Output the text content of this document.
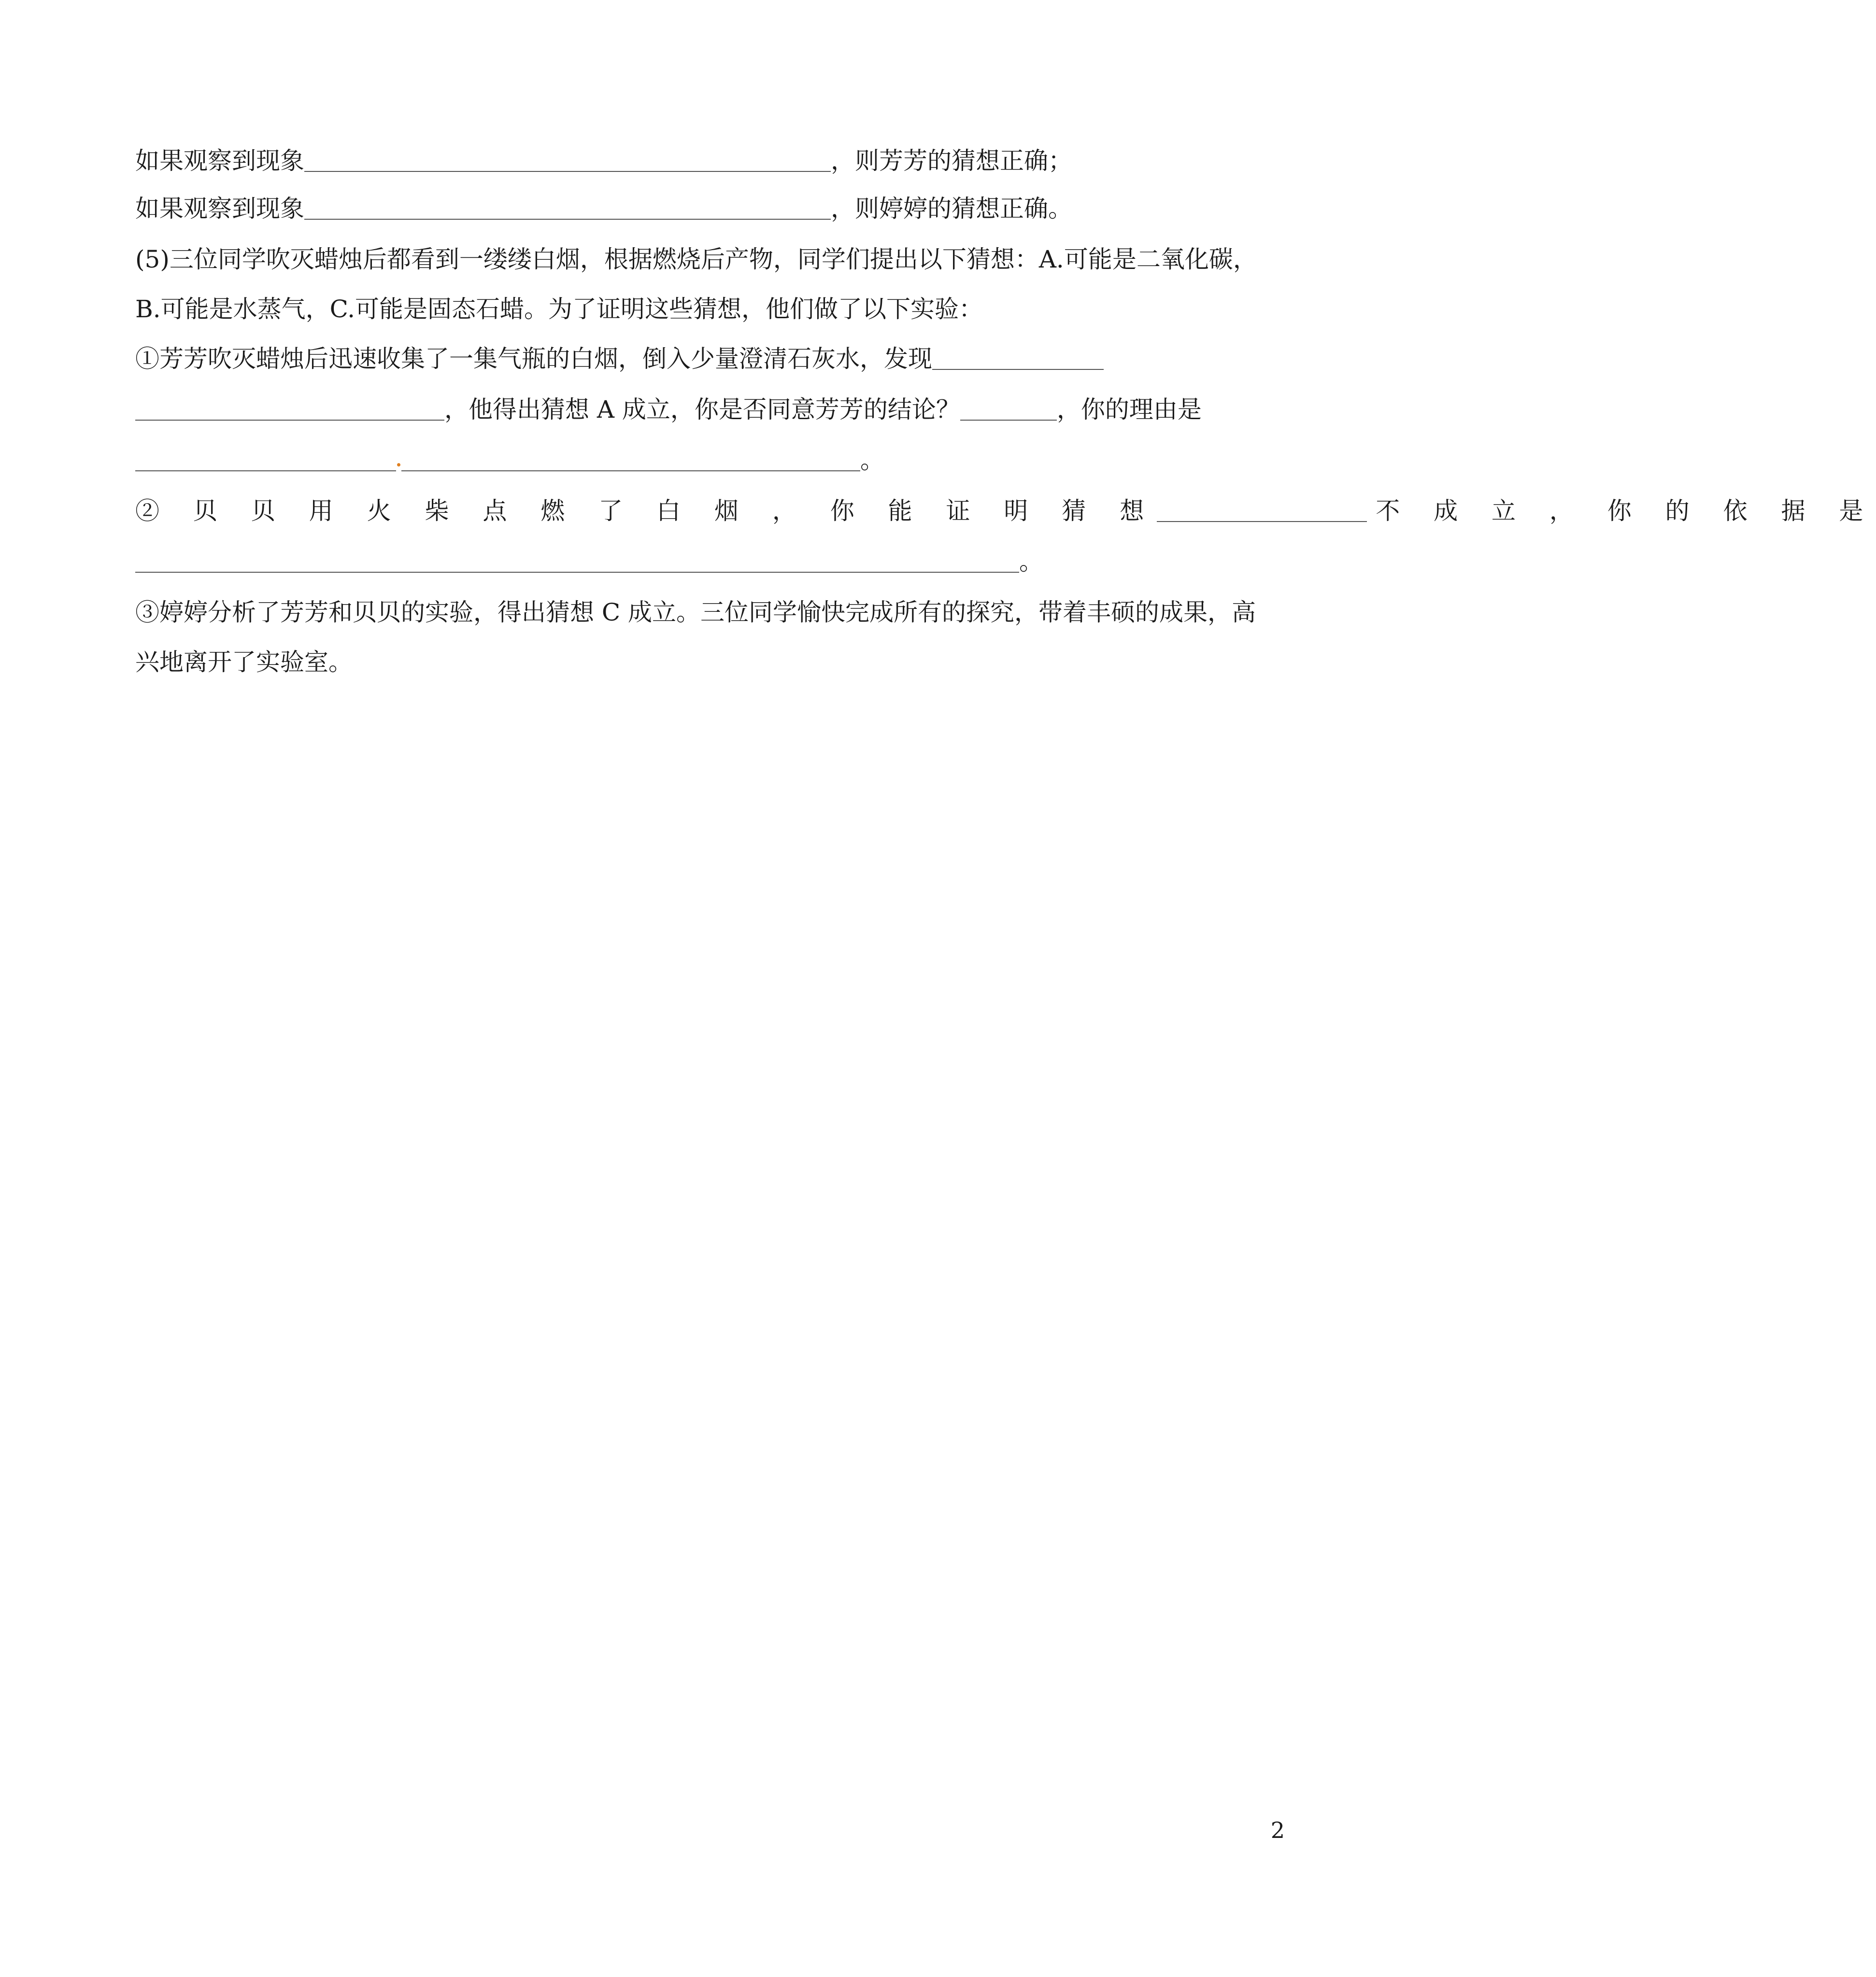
如果观察到现象	，则芳芳的猜想正确；
如果观察到现象	，则婷婷的猜想正确。
(5)三位同学吹灭蜡烛后都看到一缕缕白烟，根据燃烧后产物，同学们提出以下猜想：A.可能是二氧化碳，
B.可能是水蒸气，C.可能是固态石蜡。为了证明这些猜想，他们做了以下实验：
①芳芳吹灭蜡烛后迅速收集了一集气瓶的白烟，倒入少量澄清石灰水，发现
，他得出猜想 A 成立，你是否同意芳芳的结论？	，你的理由是
。
② 贝 贝 用 火 柴 点 燃 了 白 烟 ， 你 能 证 明 猜 想	不 成 立 ， 你 的 依 据 是
。
③婷婷分析了芳芳和贝贝的实验，得出猜想 C 成立。三位同学愉快完成所有的探究，带着丰硕的成果，高
兴地离开了实验室。
2
